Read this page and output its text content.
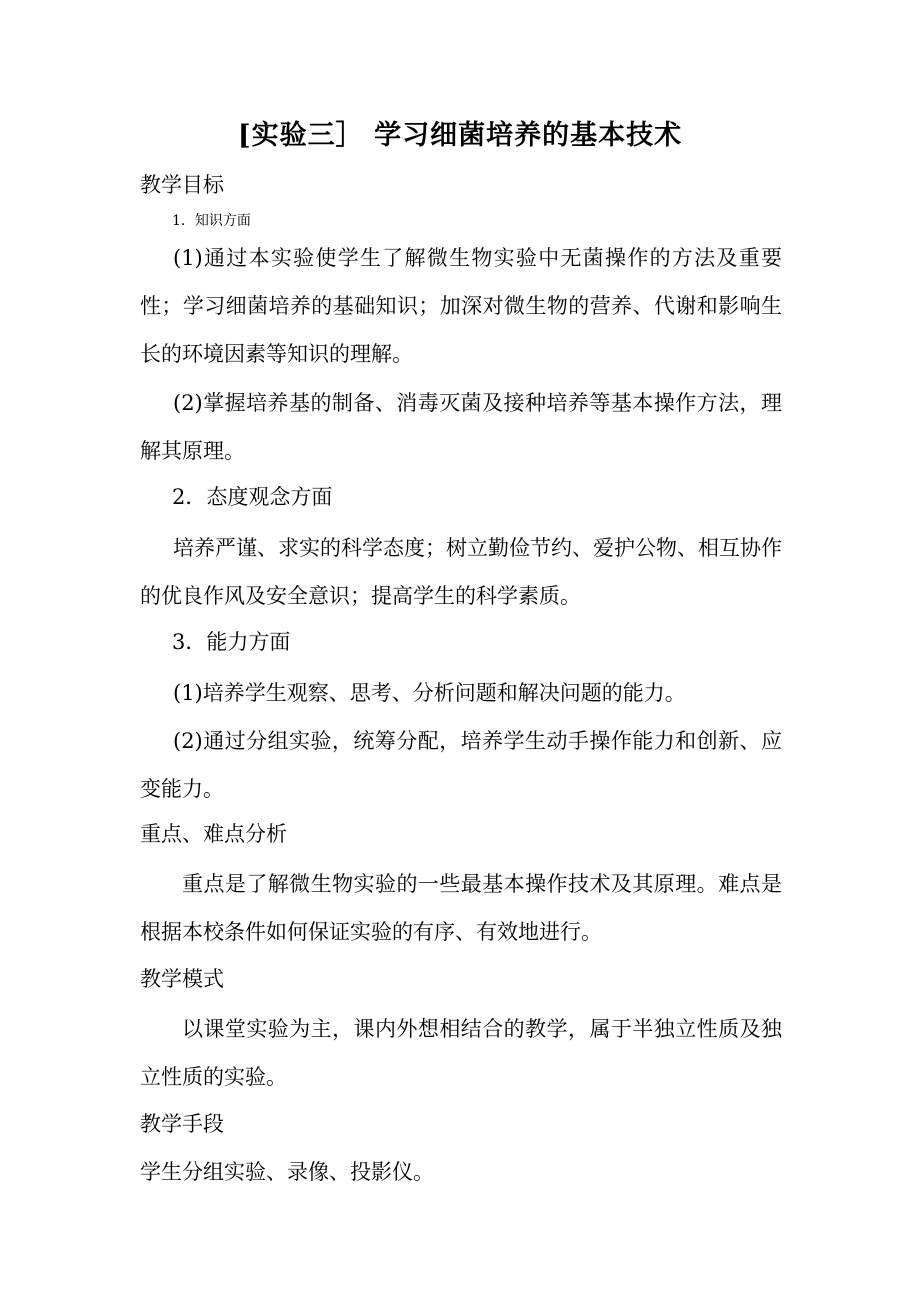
[实验三］ 学习细菌培养的基本技术
教学目标
1．知识方面
(1)通过本实验使学生了解微生物实验中无菌操作的方法及重要性；学习细菌培养的基础知识；加深对微生物的营养、代谢和影响生长的环境因素等知识的理解。
(2)掌握培养基的制备、消毒灭菌及接种培养等基本操作方法，理解其原理。
2．态度观念方面
培养严谨、求实的科学态度；树立勤俭节约、爱护公物、相互协作的优良作风及安全意识；提高学生的科学素质。
3．能力方面
(1)培养学生观察、思考、分析问题和解决问题的能力。
(2)通过分组实验，统筹分配，培养学生动手操作能力和创新、应变能力。
重点、难点分析
重点是了解微生物实验的一些最基本操作技术及其原理。难点是根据本校条件如何保证实验的有序、有效地进行。
教学模式
以课堂实验为主，课内外想相结合的教学，属于半独立性质及独立性质的实验。
教学手段
学生分组实验、录像、投影仪。
